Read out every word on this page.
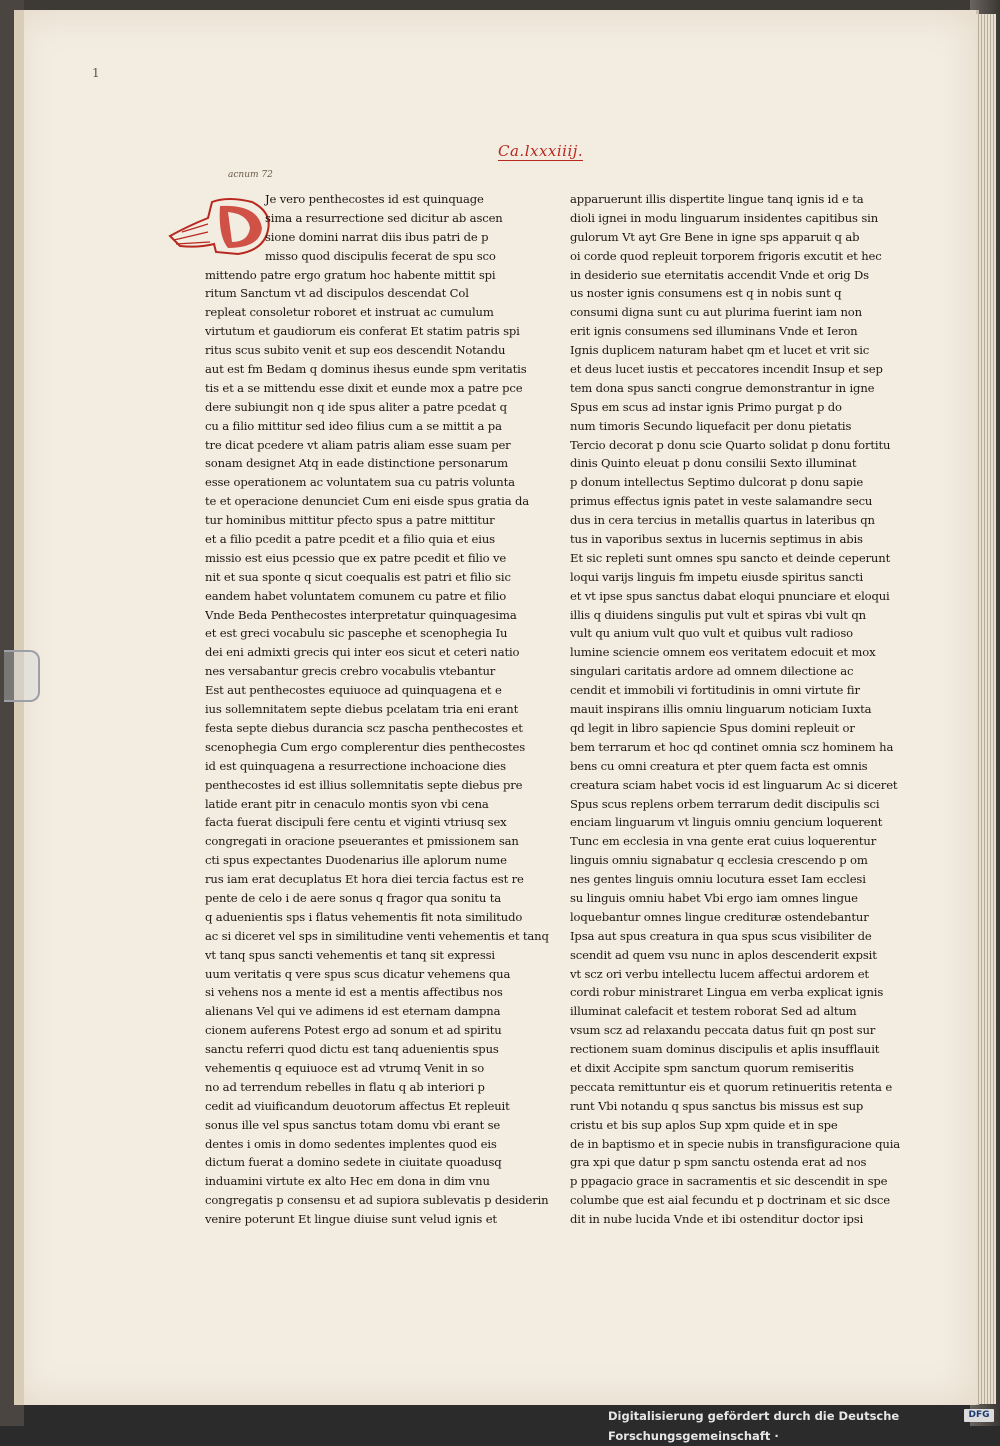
1
Ca.lxxxiiij.
acnum 72
Je vero penthecostes id est quinquage
sima a resurrectione sed dicitur ab ascen
sione domini narrat diis ibus patri de p
misso quod discipulis fecerat de spu sco
mittendo patre ergo gratum hoc habente mittit spi
ritum Sanctum vt ad discipulos descendat Col
repleat consoletur roboret et instruat ac cumulum
virtutum et gaudiorum eis conferat Et statim patris spi
ritus scus subito venit et sup eos descendit Notandu
aut est fm Bedam q dominus ihesus eunde spm veritatis
tis et a se mittendu esse dixit et eunde mox a patre pce
dere subiungit non q ide spus aliter a patre pcedat q
cu a filio mittitur sed ideo filius cum a se mittit a pa
tre dicat pcedere vt aliam patris aliam esse suam per
sonam designet Atq in eade distinctione personarum
esse operationem ac voluntatem sua cu patris volunta
te et operacione denunciet Cum eni eisde spus gratia da
tur hominibus mittitur pfecto spus a patre mittitur
et a filio pcedit a patre pcedit et a filio quia et eius
missio est eius pcessio que ex patre pcedit et filio ve
nit et sua sponte q sicut coequalis est patri et filio sic
eandem habet voluntatem comunem cu patre et filio
Vnde Beda Penthecostes interpretatur quinquagesima
et est greci vocabulu sic pascephe et scenophegia Iu
dei eni admixti grecis qui inter eos sicut et ceteri natio
nes versabantur grecis crebro vocabulis vtebantur
Est aut penthecostes equiuoce ad quinquagena et e
ius sollemnitatem septe diebus pcelatam tria eni erant
festa septe diebus durancia scz pascha penthecostes et
scenophegia Cum ergo complerentur dies penthecostes
id est quinquagena a resurrectione inchoacione dies
penthecostes id est illius sollemnitatis septe diebus pre
latide erant pitr in cenaculo montis syon vbi cena
facta fuerat discipuli fere centu et viginti vtriusq sex
congregati in oracione pseuerantes et pmissionem san
cti spus expectantes Duodenarius ille aplorum nume
rus iam erat decuplatus Et hora diei tercia factus est re
pente de celo i de aere sonus q fragor qua sonitu ta
q aduenientis sps i flatus vehementis fit nota similitudo
ac si diceret vel sps in similitudine venti vehementis et tanq
vt tanq spus sancti vehementis et tanq sit expressi
uum veritatis q vere spus scus dicatur vehemens qua
si vehens nos a mente id est a mentis affectibus nos
alienans Vel qui ve adimens id est eternam dampna
cionem auferens Potest ergo ad sonum et ad spiritu
sanctu referri quod dictu est tanq aduenientis spus
vehementis q equiuoce est ad vtrumq Venit in so
no ad terrendum rebelles in flatu q ab interiori p
cedit ad viuificandum deuotorum affectus Et repleuit
sonus ille vel spus sanctus totam domu vbi erant se
dentes i omis in domo sedentes implentes quod eis
dictum fuerat a domino sedete in ciuitate quoadusq
induamini virtute ex alto Hec em dona in dim vnu
congregatis p consensu et ad supiora sublevatis p desiderin
venire poterunt Et lingue diuise sunt velud ignis et
apparuerunt illis dispertite lingue tanq ignis id e ta
dioli ignei in modu linguarum insidentes capitibus sin
gulorum Vt ayt Gre Bene in igne sps apparuit q ab
oi corde quod repleuit torporem frigoris excutit et hec
in desiderio sue eternitatis accendit Vnde et orig Ds
us noster ignis consumens est q in nobis sunt q
consumi digna sunt cu aut plurima fuerint iam non
erit ignis consumens sed illuminans Vnde et Ieron
Ignis duplicem naturam habet qm et lucet et vrit sic
et deus lucet iustis et peccatores incendit Insup et sep
tem dona spus sancti congrue demonstrantur in igne
Spus em scus ad instar ignis Primo purgat p do
num timoris Secundo liquefacit per donu pietatis
Tercio decorat p donu scie Quarto solidat p donu fortitu
dinis Quinto eleuat p donu consilii Sexto illuminat
p donum intellectus Septimo dulcorat p donu sapie
primus effectus ignis patet in veste salamandre secu
dus in cera tercius in metallis quartus in lateribus qn
tus in vaporibus sextus in lucernis septimus in abis
Et sic repleti sunt omnes spu sancto et deinde ceperunt
loqui varijs linguis fm impetu eiusde spiritus sancti
et vt ipse spus sanctus dabat eloqui pnunciare et eloqui
illis q diuidens singulis put vult et spiras vbi vult qn
vult qu anium vult quo vult et quibus vult radioso
lumine sciencie omnem eos veritatem edocuit et mox
singulari caritatis ardore ad omnem dilectione ac
cendit et immobili vi fortitudinis in omni virtute fir
mauit inspirans illis omniu linguarum noticiam Iuxta
qd legit in libro sapiencie Spus domini repleuit or
bem terrarum et hoc qd continet omnia scz hominem ha
bens cu omni creatura et pter quem facta est omnis
creatura sciam habet vocis id est linguarum Ac si diceret
Spus scus replens orbem terrarum dedit discipulis sci
enciam linguarum vt linguis omniu gencium loquerent
Tunc em ecclesia in vna gente erat cuius loquerentur
linguis omniu signabatur q ecclesia crescendo p om
nes gentes linguis omniu locutura esset Iam ecclesi
su linguis omniu habet Vbi ergo iam omnes lingue
loquebantur omnes lingue credituræ ostendebantur
Ipsa aut spus creatura in qua spus scus visibiliter de
scendit ad quem vsu nunc in aplos descenderit expsit
vt scz ori verbu intellectu lucem affectui ardorem et
cordi robur ministraret Lingua em verba explicat ignis
illuminat calefacit et testem roborat Sed ad altum
vsum scz ad relaxandu peccata datus fuit qn post sur
rectionem suam dominus discipulis et aplis insufflauit
et dixit Accipite spm sanctum quorum remiseritis
peccata remittuntur eis et quorum retinueritis retenta e
runt Vbi notandu q spus sanctus bis missus est sup
cristu et bis sup aplos Sup xpm quide et in spe
de in baptismo et in specie nubis in transfiguracione quia
gra xpi que datur p spm sanctu ostenda erat ad nos
p ppagacio grace in sacramentis et sic descendit in spe
columbe que est aial fecundu et p doctrinam et sic dsce
dit in nube lucida Vnde et ibi ostenditur doctor ipsi
Digitalisierung gefördert durch die Deutsche Forschungsgemeinschaft ·
DFG
